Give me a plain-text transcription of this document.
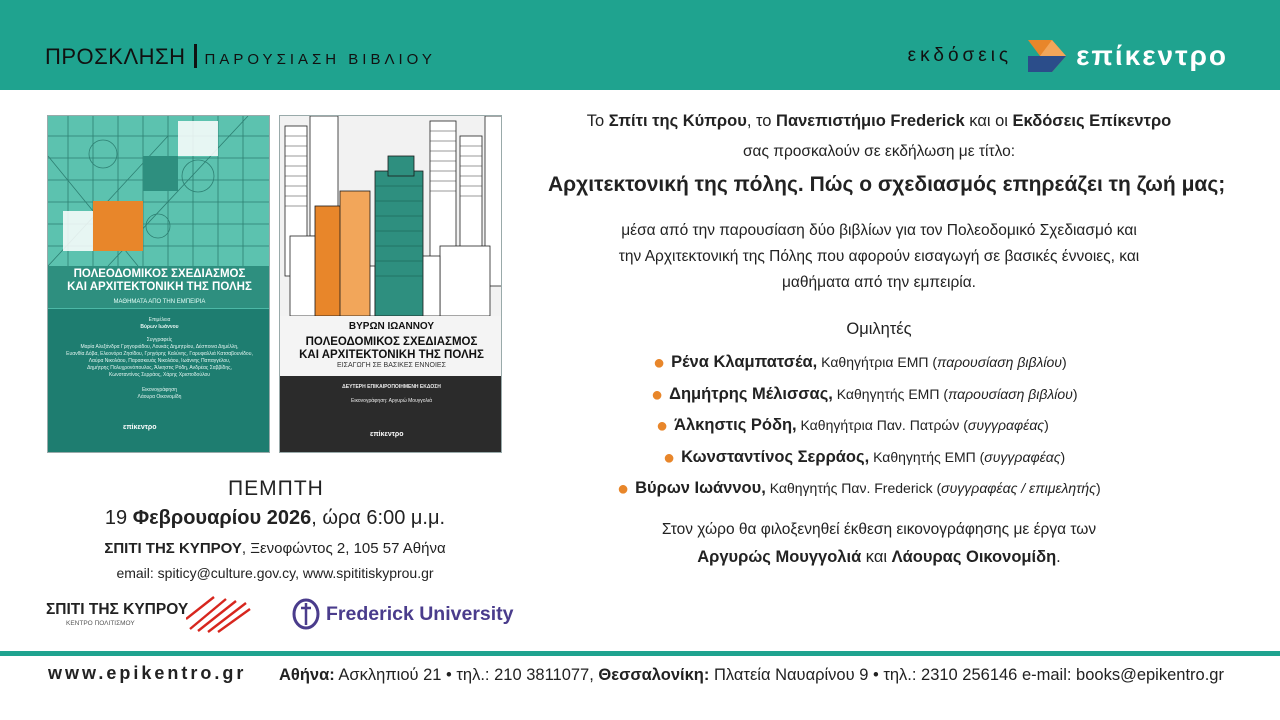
ΠΡΟΣΚΛΗΣΗ ΠΑΡΟΥΣΙΑΣΗ ΒΙΒΛΙΟΥ	εκδόσεις επίκεντρο
ΠΟΛΕΟΔΟΜΙΚΟΣ ΣΧΕΔΙΑΣΜΟΣ
ΚΑΙ ΑΡΧΙΤΕΚΤΟΝΙΚΗ ΤΗΣ ΠΟΛΗΣ
ΜΑΘΗΜΑΤΑ ΑΠΟ ΤΗΝ ΕΜΠΕΙΡΙΑ
Επιμέλεια
Βύρων Ιωάννου
Συγγραφείς
Μαρία Αλεξάνδρα Γρηγοριάδου, Λουκάς Δημητρίου, Δέσποινα Δημέλλη,
Ευανθία Δόβα, Ελεονόρα Ζησίδου, Γρηγόρης Καλύνης, Γαρυφαλλιά Κατσαβουνίδου,
Λαύρα Νικολάου, Παρασκευάς Νικολάου, Ιωάννης Παπαγγέλου,
Δημήτρης Πολυχρονόπουλος, Άλκηστις Ρόδη, Ανδρέας Σαββίδης,
Κωνσταντίνος Σερράος, Χάρης Χριστοδούλου
Εικονογράφηση
Λάουρα Οικονομίδη
επίκεντρο
ΒΥΡΩΝ ΙΩΑΝΝΟΥ
ΠΟΛΕΟΔΟΜΙΚΟΣ ΣΧΕΔΙΑΣΜΟΣ
ΚΑΙ ΑΡΧΙΤΕΚΤΟΝΙΚΗ ΤΗΣ ΠΟΛΗΣ
ΕΙΣΑΓΩΓΗ ΣΕ ΒΑΣΙΚΕΣ ΕΝΝΟΙΕΣ
ΔΕΥΤΕΡΗ ΕΠΙΚΑΙΡΟΠΟΙΗΜΕΝΗ ΕΚΔΟΣΗ
Εικονογράφηση: Αργυρώ Μουγγολιά
επίκεντρο
ΠΕΜΠΤΗ
19 Φεβρουαρίου 2026, ώρα 6:00 μ.μ.
ΣΠΙΤΙ ΤΗΣ ΚΥΠΡΟΥ, Ξενοφώντος 2, 105 57 Αθήνα
email: spiticy@culture.gov.cy, www.spititiskyprou.gr
ΣΠΙΤΙ ΤΗΣ ΚΥΠΡΟΥ
ΚΕΝΤΡΟ ΠΟΛΙΤΙΣΜΟΥ	Frederick University
Το Σπίτι της Κύπρου, το Πανεπιστήμιο Frederick και οι Εκδόσεις Επίκεντρο
σας προσκαλούν σε εκδήλωση με τίτλο:
Αρχιτεκτονική της πόλης. Πώς ο σχεδιασμός επηρεάζει τη ζωή μας;
μέσα από την παρουσίαση δύο βιβλίων για τον Πολεοδομικό Σχεδιασμό και
την Αρχιτεκτονική της Πόλης που αφορούν εισαγωγή σε βασικές έννοιες, και
μαθήματα από την εμπειρία.
Ομιλητές
● Ρένα Κλαμπατσέα, Καθηγήτρια ΕΜΠ (παρουσίαση βιβλίου)
● Δημήτρης Μέλισσας, Καθηγητής ΕΜΠ (παρουσίαση βιβλίου)
● Άλκηστις Ρόδη, Καθηγήτρια Παν. Πατρών (συγγραφέας)
● Κωνσταντίνος Σερράος, Καθηγητής ΕΜΠ (συγγραφέας)
● Βύρων Ιωάννου, Καθηγητής Παν. Frederick (συγγραφέας / επιμελητής)
Στον χώρο θα φιλοξενηθεί έκθεση εικονογράφησης με έργα των
Αργυρώς Μουγγολιά και Λάουρας Οικονομίδη.
www.epikentro.gr Αθήνα: Ασκληπιού 21 • τηλ.: 210 3811077, Θεσσαλονίκη: Πλατεία Ναυαρίνου 9 • τηλ.: 2310 256146 e-mail: books@epikentro.gr
